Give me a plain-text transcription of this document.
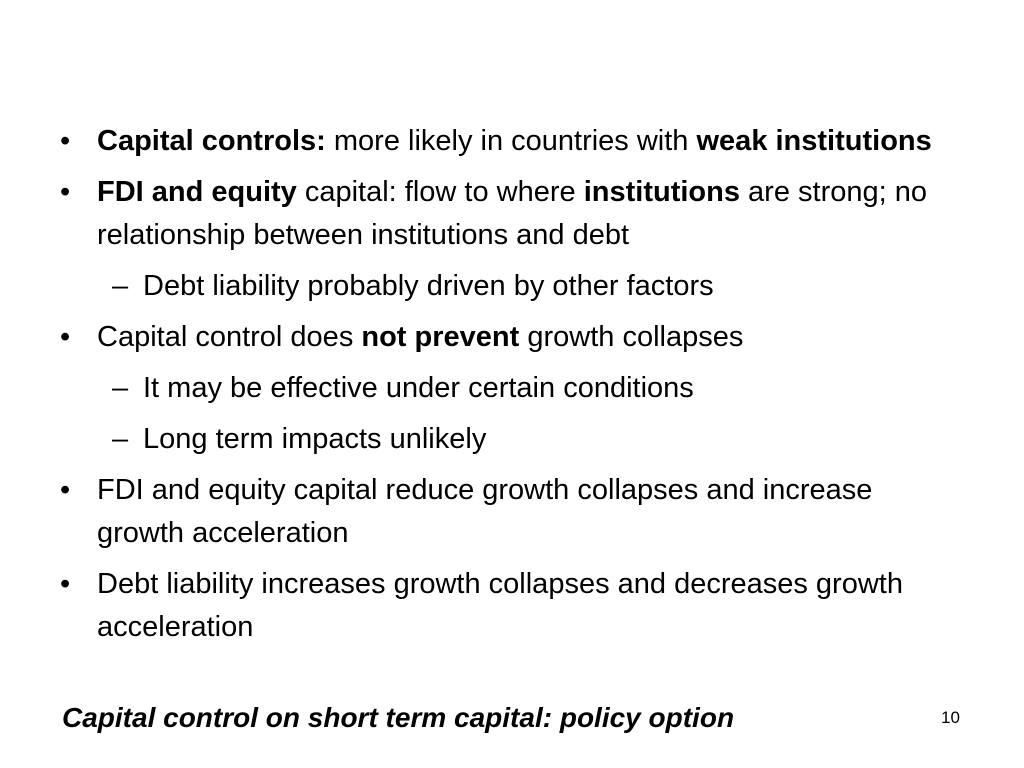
• Capital controls: more likely in countries with weak institutions
• FDI and equity capital: flow to where institutions are strong; no relationship between institutions and debt
– Debt liability probably driven by other factors
• Capital control does not prevent growth collapses
– It may be effective under certain conditions
– Long term impacts unlikely
• FDI and equity capital reduce growth collapses and increase growth acceleration
• Debt liability increases growth collapses and decreases growth acceleration
Capital control on short term capital: policy option	10
